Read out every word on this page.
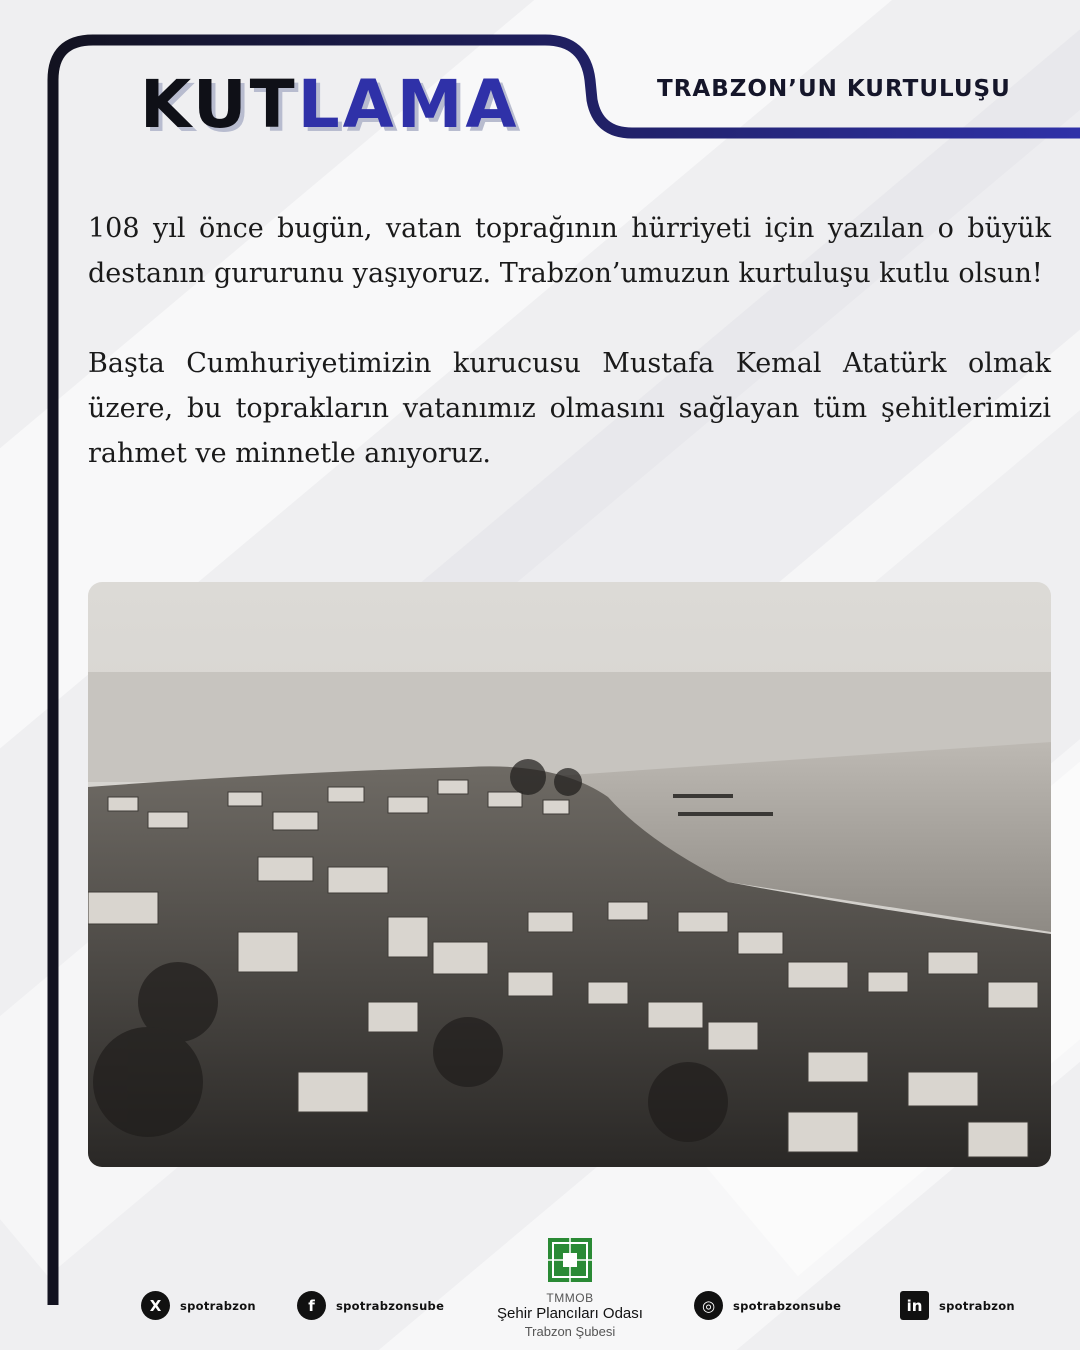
KUTLAMA	TRABZON’UN KURTULUŞU

108 yıl önce bugün, vatan toprağının hürriyeti için yazılan o büyük destanın gururunu yaşıyoruz. Trabzon’umuzun kurtuluşu kutlu olsun!

Başta Cumhuriyetimizin kurucusu Mustafa Kemal Atatürk olmak üzere, bu toprakların vatanımız olmasını sağlayan tüm şehitlerimizi rahmet ve minnetle anıyoruz.

X	spotrabzon	f	spotrabzonsube
TMMOB
Şehir Plancıları Odası
Trabzon Şubesi
◎	spotrabzonsube	in	spotrabzon
